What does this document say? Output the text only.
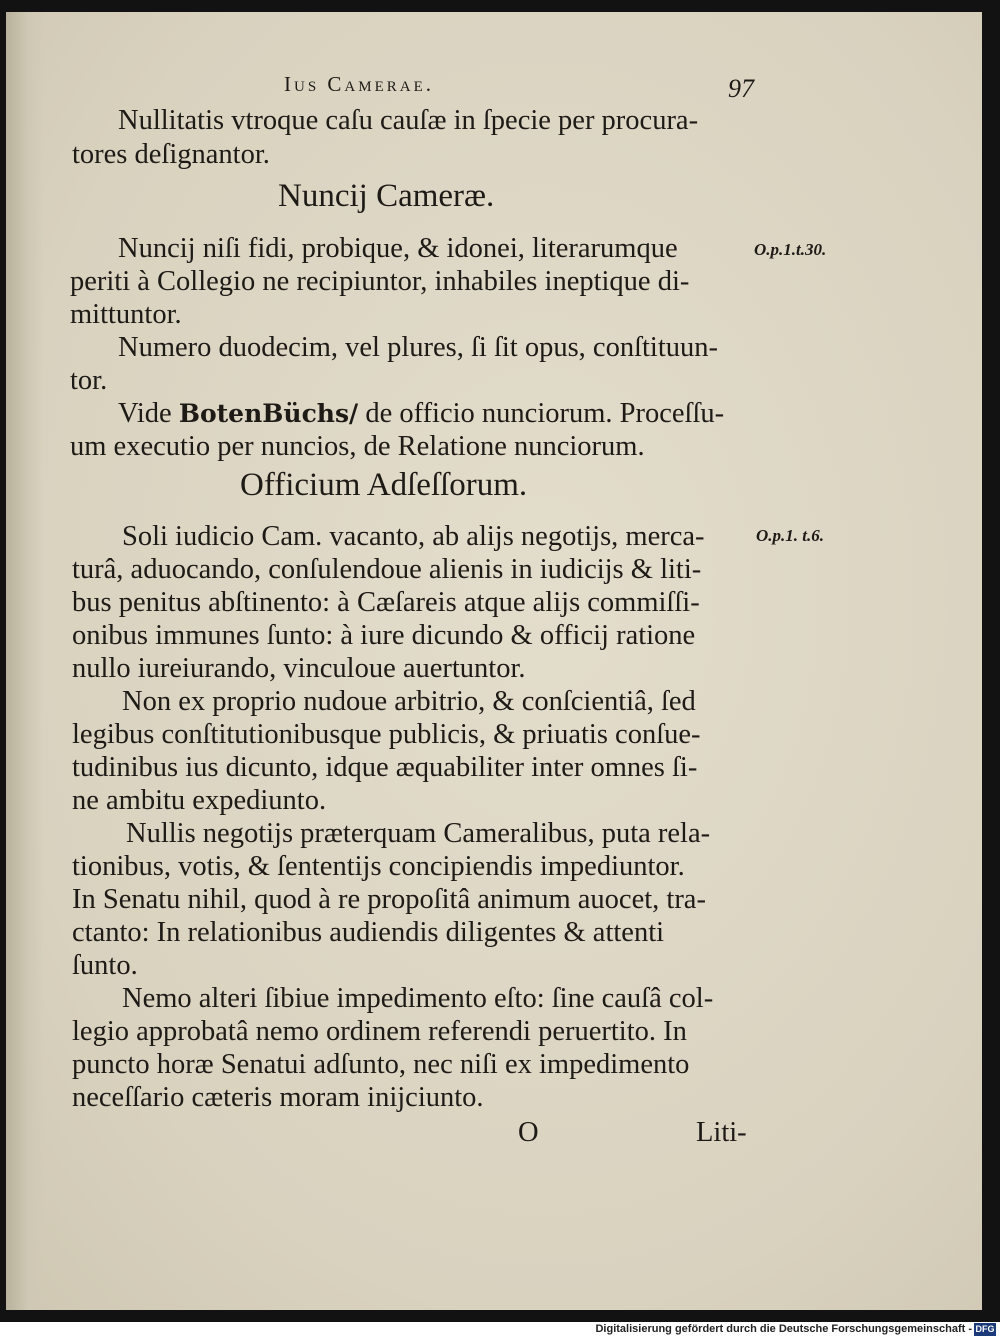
Ius Camerae.	97
Nullitatis vtroque caſu cauſæ in ſpecie per procura-
tores deſignantor.
Nuncij Cameræ.
Nuncij niſi fidi, probique, & idonei, literarumque	O.p.1.t.30.
periti à Collegio ne recipiuntor, inhabiles ineptique di-
mittuntor.
Numero duodecim, vel plures, ſi ſit opus, conſtituun-
tor.
Vide BotenBüchs/ de officio nunciorum. Proceſſu-
um executio per nuncios, de Relatione nunciorum.
Officium Adſeſſorum.
Soli iudicio Cam. vacanto, ab alijs negotijs, merca-	O.p.1. t.6.
turâ, aduocando, conſulendoue alienis in iudicijs & liti-
bus penitus abſtinento: à Cæſareis atque alijs commiſſi-
onibus immunes ſunto: à iure dicundo & officij ratione
nullo iureiurando, vinculoue auertuntor.
Non ex proprio nudoue arbitrio, & conſcientiâ, ſed
legibus conſtitutionibusque publicis, & priuatis conſue-
tudinibus ius dicunto, idque æquabiliter inter omnes ſi-
ne ambitu expediunto.
Nullis negotijs præterquam Cameralibus, puta rela-
tionibus, votis, & ſententijs concipiendis impediuntor.
In Senatu nihil, quod à re propoſitâ animum auocet, tra-
ctanto: In relationibus audiendis diligentes & attenti
ſunto.
Nemo alteri ſibiue impedimento eſto: ſine cauſâ col-
legio approbatâ nemo ordinem referendi peruertito. In
puncto horæ Senatui adſunto, nec niſi ex impedimento
neceſſario cæteris moram inijciunto.
O	Liti-
Digitalisierung gefördert durch die Deutsche Forschungsgemeinschaft - DFG
